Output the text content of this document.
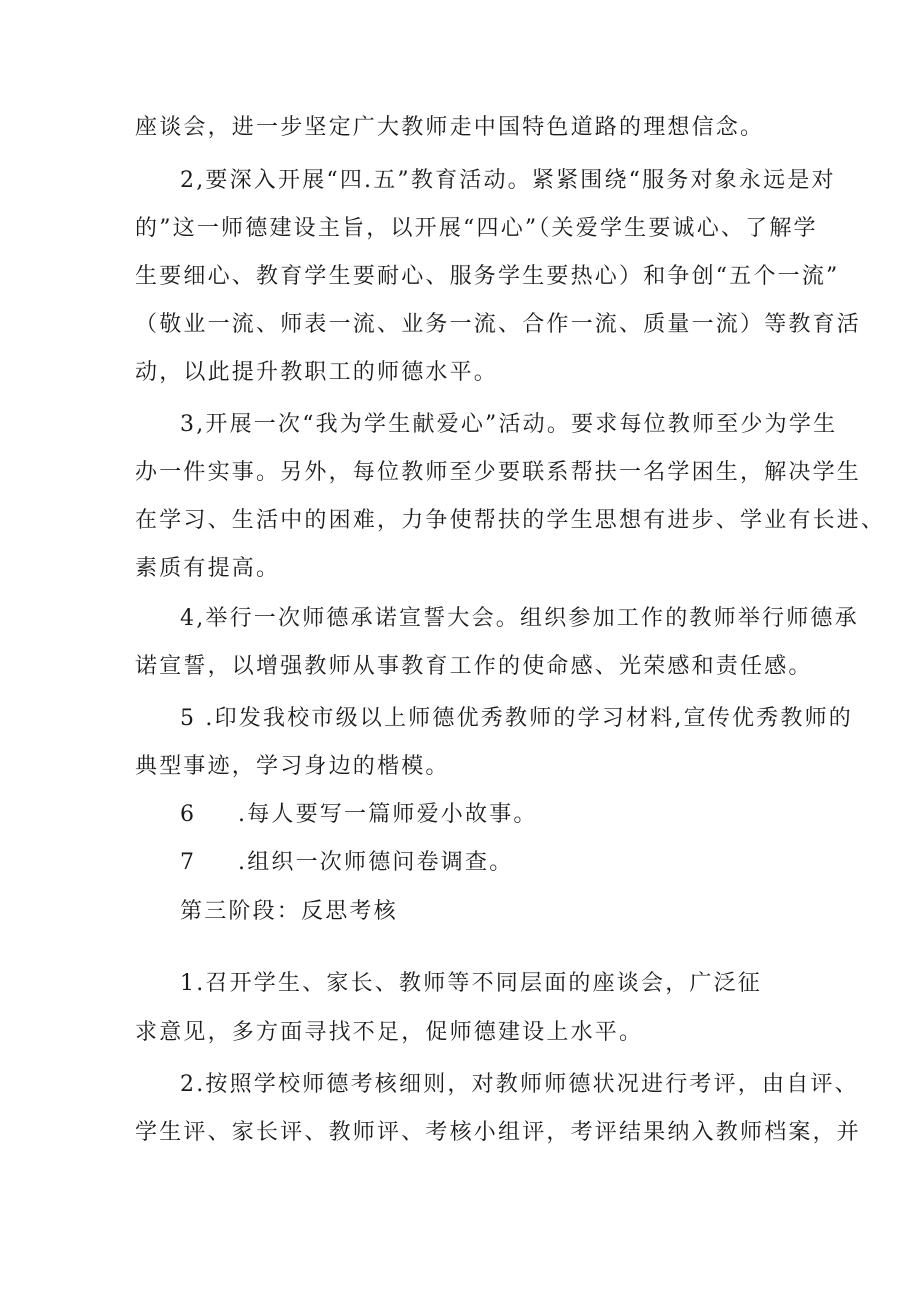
座谈会，进一步坚定广大教师走中国特色道路的理想信念。
2,要深入开展“四.五”教育活动。紧紧围绕“服务对象永远是对
的”这一师德建设主旨，以开展“四心”（关爱学生要诚心、了解学
生要细心、教育学生要耐心、服务学生要热心）和争创“五个一流”
（敬业一流、师表一流、业务一流、合作一流、质量一流）等教育活
动，以此提升教职工的师德水平。
3,开展一次“我为学生献爱心”活动。要求每位教师至少为学生
办一件实事。另外，每位教师至少要联系帮扶一名学困生，解决学生
在学习、生活中的困难，力争使帮扶的学生思想有进步、学业有长进、
素质有提高。
4,举行一次师德承诺宣誓大会。组织参加工作的教师举行师德承
诺宣誓，以增强教师从事教育工作的使命感、光荣感和责任感。
5 .印发我校市级以上师德优秀教师的学习材料,宣传优秀教师的
典型事迹，学习身边的楷模。
6 .每人要写一篇师爱小故事。
7 .组织一次师德问卷调查。
第三阶段：反思考核
1.召开学生、家长、教师等不同层面的座谈会，广泛征
求意见，多方面寻找不足，促师德建设上水平。
2.按照学校师德考核细则，对教师师德状况进行考评，由自评、
学生评、家长评、教师评、考核小组评，考评结果纳入教师档案，并
